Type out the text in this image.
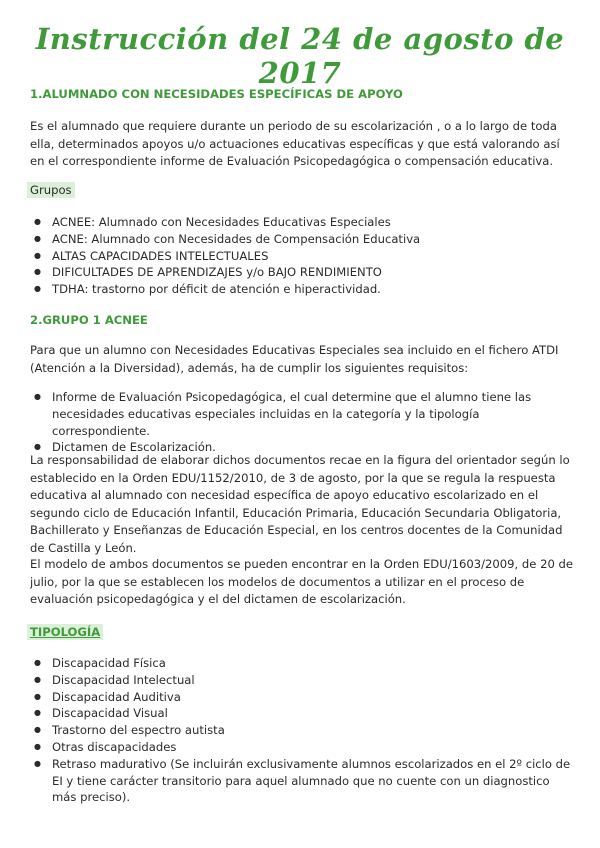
Instrucción del 24 de agosto de 2017

1.ALUMNADO CON NECESIDADES ESPECÍFICAS DE APOYO

Es el alumnado que requiere durante un periodo de su escolarización , o a lo largo de toda ella, determinados apoyos u/o actuaciones educativas específicas y que está valorando así en el correspondiente informe de Evaluación Psicopedagógica o compensación educativa.

Grupos

● ACNEE: Alumnado con Necesidades Educativas Especiales
● ACNE: Alumnado con Necesidades de Compensación Educativa
● ALTAS CAPACIDADES INTELECTUALES
● DIFICULTADES DE APRENDIZAJES y/o BAJO RENDIMIENTO
● TDHA: trastorno por déficit de atención e hiperactividad.

2.GRUPO 1 ACNEE

Para que un alumno con Necesidades Educativas Especiales sea incluido en el fichero ATDI (Atención a la Diversidad), además, ha de cumplir los siguientes requisitos:

● Informe de Evaluación Psicopedagógica, el cual determine que el alumno tiene las necesidades educativas especiales incluidas en la categoría y la tipología correspondiente.
● Dictamen de Escolarización.

La responsabilidad de elaborar dichos documentos recae en la figura del orientador según lo establecido en la Orden EDU/1152/2010, de 3 de agosto, por la que se regula la respuesta educativa al alumnado con necesidad específica de apoyo educativo escolarizado en el segundo ciclo de Educación Infantil, Educación Primaria, Educación Secundaria Obligatoria, Bachillerato y Enseñanzas de Educación Especial, en los centros docentes de la Comunidad de Castilla y León.

El modelo de ambos documentos se pueden encontrar en la Orden EDU/1603/2009, de 20 de julio, por la que se establecen los modelos de documentos a utilizar en el proceso de evaluación psicopedagógica y el del dictamen de escolarización.

TIPOLOGÍA

● Discapacidad Física
● Discapacidad Intelectual
● Discapacidad Auditiva
● Discapacidad Visual
● Trastorno del espectro autista
● Otras discapacidades
● Retraso madurativo (Se incluirán exclusivamente alumnos escolarizados en el 2º ciclo de EI y tiene carácter transitorio para aquel alumnado que no cuente con un diagnostico más preciso).
